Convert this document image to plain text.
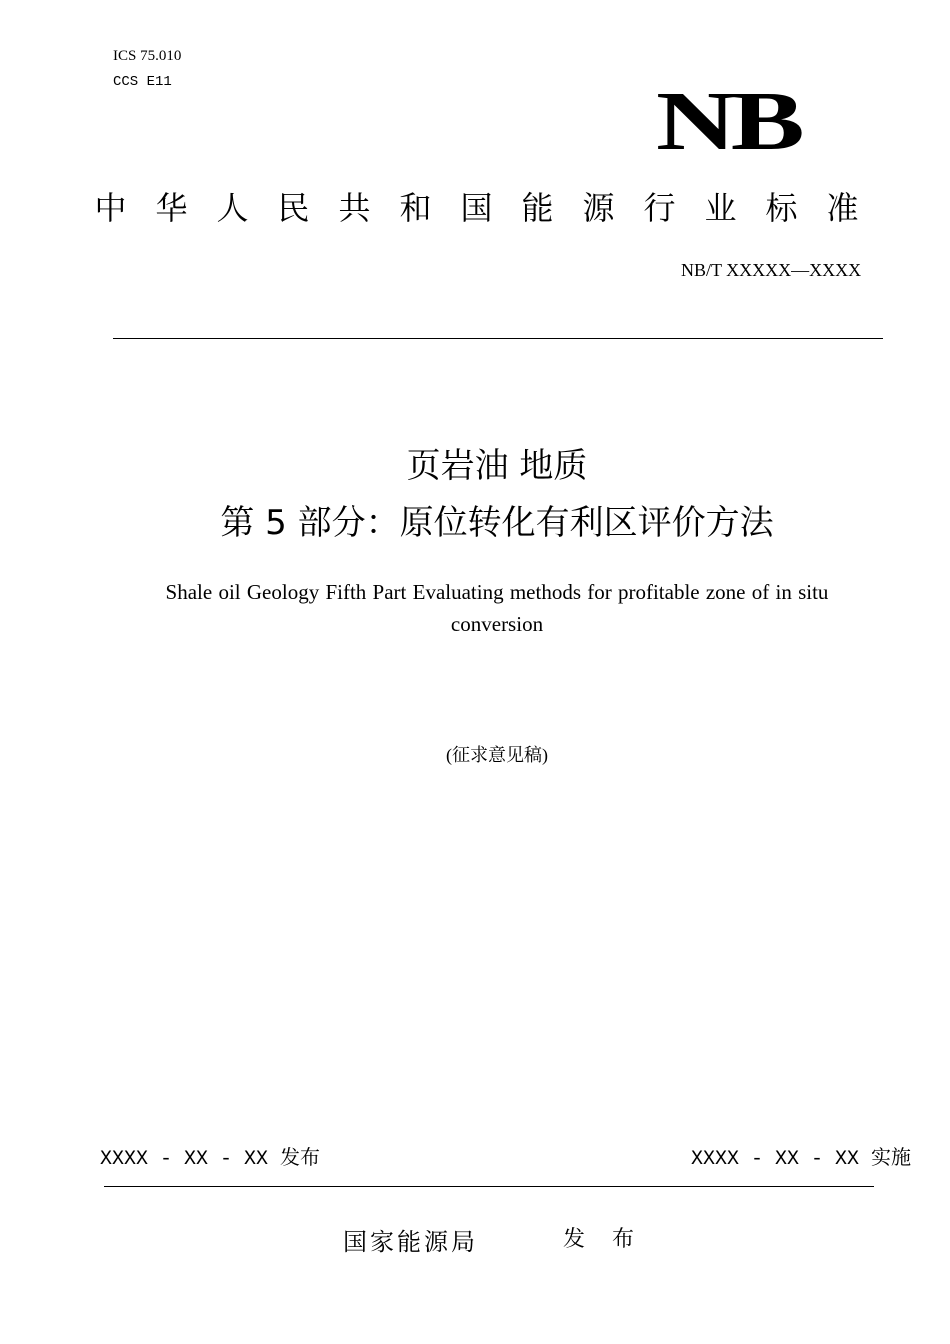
ICS 75.010
CCS E11	NB
中华人民共和国能源行业标准
NB/T XXXXX—XXXX
页岩油 地质
第 5 部分：原位转化有利区评价方法
Shale oil Geology Fifth Part Evaluating methods for profitable zone of in situ conversion
(征求意见稿)
XXXX - XX - XX 发布	XXXX - XX - XX 实施
国家能源局	发 布
